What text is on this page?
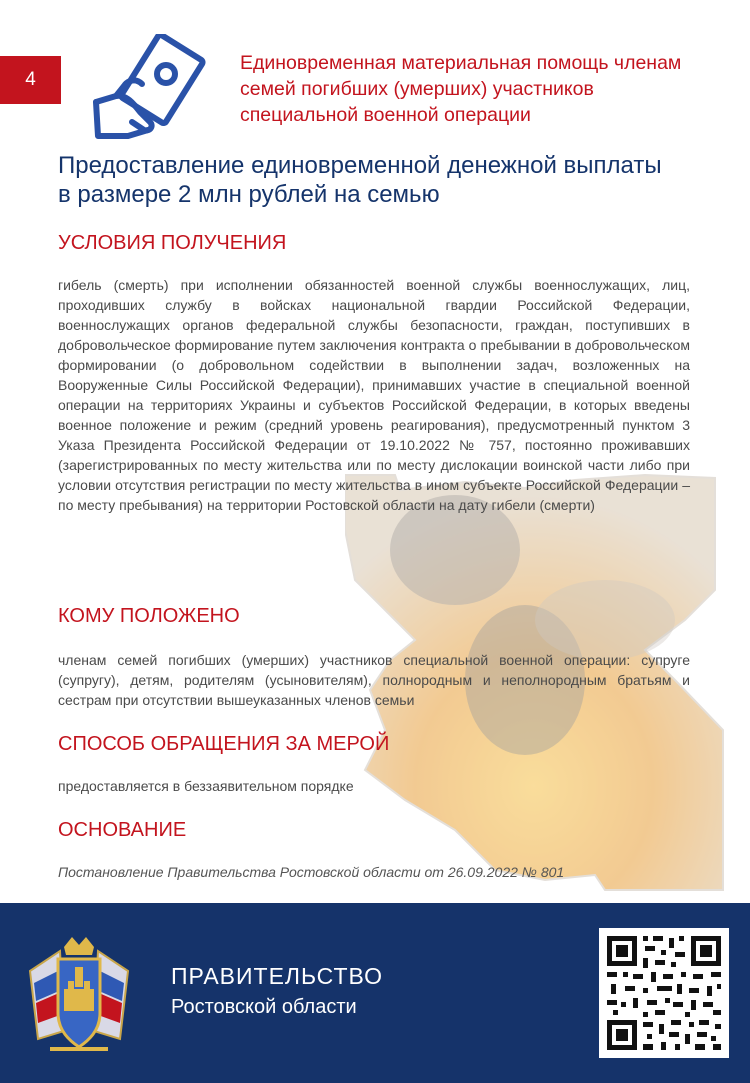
4
Единовременная материальная помощь членам
семей погибших (умерших) участников
специальной военной операции
Предоставление единовременной денежной выплаты
в размере 2 млн рублей на семью
УСЛОВИЯ ПОЛУЧЕНИЯ
гибель (смерть) при исполнении обязанностей военной службы военнослужащих, лиц, проходивших службу в войсках национальной гвардии Российской Федерации, военнослужащих органов федеральной службы безопасности, граждан, поступивших в добровольческое формирование путем заключения контракта о пребывании в добровольческом формировании (о добровольном содействии в выполнении задач, возложенных на Вооруженные Силы Российской Федерации), принимавших участие в специальной военной операции на территориях Украины и субъектов Российской Федерации, в которых введены военное положение и режим (средний уровень реагирования), предусмотренный пунктом 3 Указа Президента Российской Федерации от 19.10.2022 № 757, постоянно проживавших (зарегистрированных по месту жительства или по месту дислокации воинской части либо при условии отсутствия регистрации по месту жительства в ином субъекте Российской Федерации – по месту пребывания) на территории Ростовской области на дату гибели (смерти)
КОМУ ПОЛОЖЕНО
членам семей погибших (умерших) участников специальной военной операции: супруге (супругу), детям, родителям (усыновителям), полнородным и неполнородным братьям и сестрам при отсутствии вышеуказанных членов семьи
СПОСОБ ОБРАЩЕНИЯ ЗА МЕРОЙ
предоставляется в беззаявительном порядке
ОСНОВАНИЕ
Постановление Правительства Ростовской области от 26.09.2022 № 801
ПРАВИТЕЛЬСТВО
Ростовской области
